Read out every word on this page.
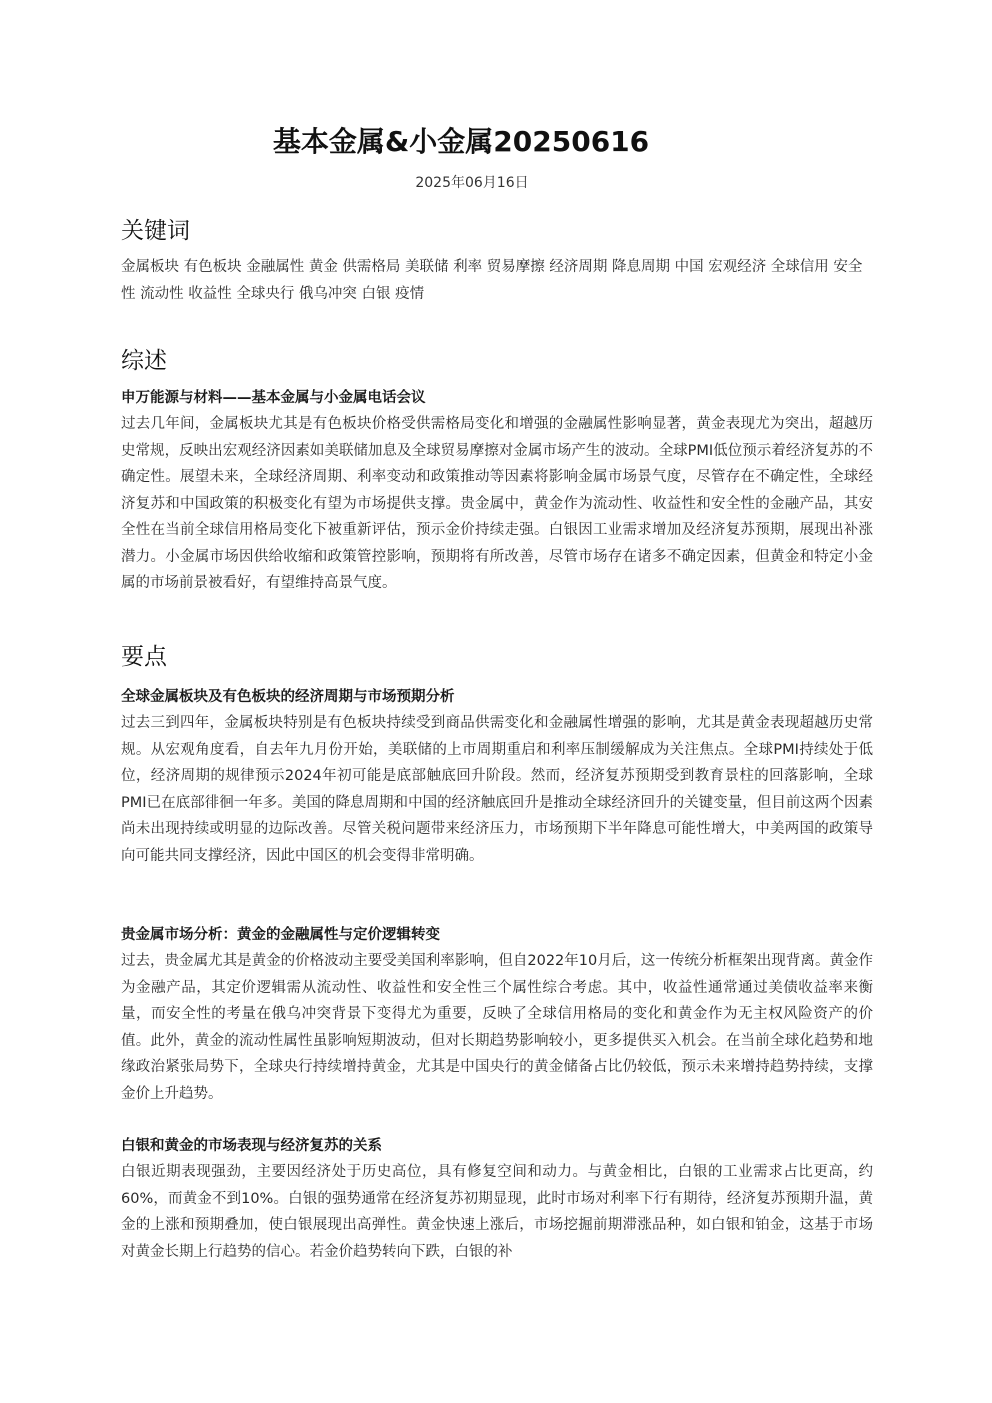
基本金属&小金属20250616
2025年06月16日
关键词

金属板块 有色板块 金融属性 黄金 供需格局 美联储 利率 贸易摩擦 经济周期 降息周期 中国 宏观经济 全球信用 安全性 流动性 收益性 全球央行 俄乌冲突 白银 疫情

综述
申万能源与材料——基本金属与小金属电话会议

过去几年间，金属板块尤其是有色板块价格受供需格局变化和增强的金融属性影响显著，黄金表现尤为突出，超越历史常规，反映出宏观经济因素如美联储加息及全球贸易摩擦对金属市场产生的波动。全球PMI低位预示着经济复苏的不确定性。展望未来，全球经济周期、利率变动和政策推动等因素将影响金属市场景气度，尽管存在不确定性，全球经济复苏和中国政策的积极变化有望为市场提供支撑。贵金属中，黄金作为流动性、收益性和安全性的金融产品，其安全性在当前全球信用格局变化下被重新评估，预示金价持续走强。白银因工业需求增加及经济复苏预期，展现出补涨潜力。小金属市场因供给收缩和政策管控影响，预期将有所改善，尽管市场存在诸多不确定因素，但黄金和特定小金属的市场前景被看好，有望维持高景气度。

要点
全球金属板块及有色板块的经济周期与市场预期分析

过去三到四年，金属板块特别是有色板块持续受到商品供需变化和金融属性增强的影响，尤其是黄金表现超越历史常规。从宏观角度看，自去年九月份开始，美联储的上市周期重启和利率压制缓解成为关注焦点。全球PMI持续处于低位，经济周期的规律预示2024年初可能是底部触底回升阶段。然而，经济复苏预期受到教育景柱的回落影响，全球PMI已在底部徘徊一年多。美国的降息周期和中国的经济触底回升是推动全球经济回升的关键变量，但目前这两个因素尚未出现持续或明显的边际改善。尽管关税问题带来经济压力，市场预期下半年降息可能性增大，中美两国的政策导向可能共同支撑经济，因此中国区的机会变得非常明确。

贵金属市场分析：黄金的金融属性与定价逻辑转变

过去，贵金属尤其是黄金的价格波动主要受美国利率影响，但自2022年10月后，这一传统分析框架出现背离。黄金作为金融产品，其定价逻辑需从流动性、收益性和安全性三个属性综合考虑。其中，收益性通常通过美债收益率来衡量，而安全性的考量在俄乌冲突背景下变得尤为重要，反映了全球信用格局的变化和黄金作为无主权风险资产的价值。此外，黄金的流动性属性虽影响短期波动，但对长期趋势影响较小，更多提供买入机会。在当前全球化趋势和地缘政治紧张局势下，全球央行持续增持黄金，尤其是中国央行的黄金储备占比仍较低，预示未来增持趋势持续，支撑金价上升趋势。

白银和黄金的市场表现与经济复苏的关系

白银近期表现强劲，主要因经济处于历史高位，具有修复空间和动力。与黄金相比，白银的工业需求占比更高，约60%，而黄金不到10%。白银的强势通常在经济复苏初期显现，此时市场对利率下行有期待，经济复苏预期升温，黄金的上涨和预期叠加，使白银展现出高弹性。黄金快速上涨后，市场挖掘前期滞涨品种，如白银和铂金，这基于市场对黄金长期上行趋势的信心。若金价趋势转向下跌，白银的补
